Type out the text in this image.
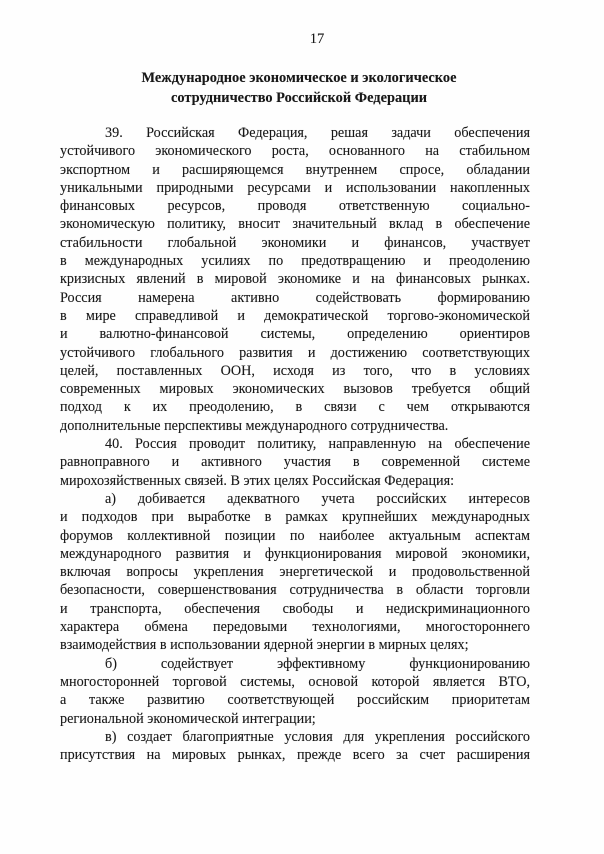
17
Международное экономическое и экологическое
сотрудничество Российской Федерации
39. Российская Федерация, решая задачи обеспечения
устойчивого экономического роста, основанного на стабильном
экспортном и расширяющемся внутреннем спросе, обладании
уникальными природными ресурсами и использовании накопленных
финансовых ресурсов, проводя ответственную социально-
экономическую политику, вносит значительный вклад в обеспечение
стабильности глобальной экономики и финансов, участвует
в международных усилиях по предотвращению и преодолению
кризисных явлений в мировой экономике и на финансовых рынках.
Россия намерена активно содействовать формированию
в мире справедливой и демократической торгово-экономической
и валютно-финансовой системы, определению ориентиров
устойчивого глобального развития и достижению соответствующих
целей, поставленных ООН, исходя из того, что в условиях
современных мировых экономических вызовов требуется общий
подход к их преодолению, в связи с чем открываются
дополнительные перспективы международного сотрудничества.
40. Россия проводит политику, направленную на обеспечение
равноправного и активного участия в современной системе
мирохозяйственных связей. В этих целях Российская Федерация:
а) добивается адекватного учета российских интересов
и подходов при выработке в рамках крупнейших международных
форумов коллективной позиции по наиболее актуальным аспектам
международного развития и функционирования мировой экономики,
включая вопросы укрепления энергетической и продовольственной
безопасности, совершенствования сотрудничества в области торговли
и транспорта, обеспечения свободы и недискриминационного
характера обмена передовыми технологиями, многостороннего
взаимодействия в использовании ядерной энергии в мирных целях;
б) содействует эффективному функционированию
многосторонней торговой системы, основой которой является ВТО,
а также развитию соответствующей российским приоритетам
региональной экономической интеграции;
в) создает благоприятные условия для укрепления российского
присутствия на мировых рынках, прежде всего за счет расширения
